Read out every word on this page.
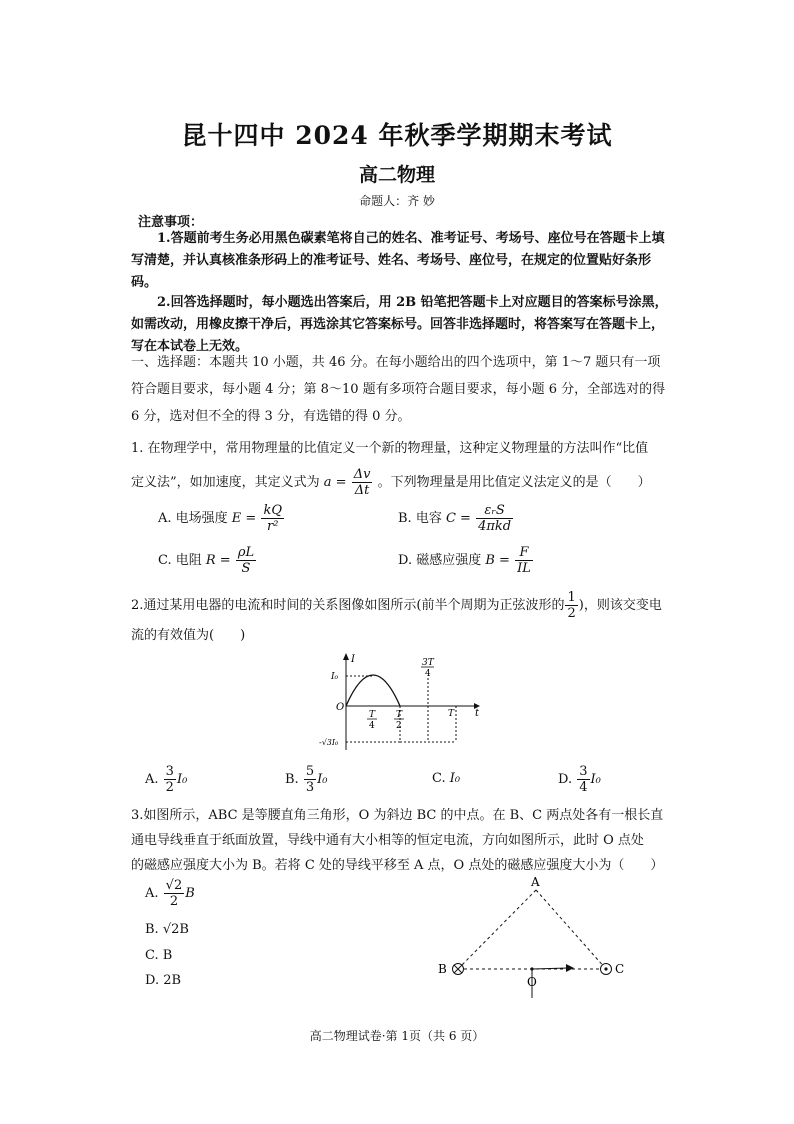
昆十四中 2024 年秋季学期期末考试
高二物理
命题人：齐 妙
注意事项：
1.答题前考生务必用黑色碳素笔将自己的姓名、准考证号、考场号、座位号在答题卡上填写清楚，并认真核准条形码上的准考证号、姓名、考场号、座位号，在规定的位置贴好条形码。
2.回答选择题时，每小题选出答案后，用 2B 铅笔把答题卡上对应题目的答案标号涂黑，如需改动，用橡皮擦干净后，再选涂其它答案标号。回答非选择题时，将答案写在答题卡上，写在本试卷上无效。
一、选择题：本题共 10 小题，共 46 分。在每小题给出的四个选项中，第 1～7 题只有一项符合题目要求，每小题 4 分；第 8～10 题有多项符合题目要求，每小题 6 分，全部选对的得 6 分，选对但不全的得 3 分，有选错的得 0 分。
1. 在物理学中，常用物理量的比值定义一个新的物理量，这种定义物理量的方法叫作“比值
定义法”，如加速度，其定义式为 $a = \frac{\Delta v}{\Delta t}$ 。下列物理量是用比值定义法定义的是（　　）
A. 电场强度 $E = \frac{kQ}{\text{r²}}$	B. 电容 $C = \frac{\text{εᵣS}}{\text{4πkd}}$
C. 电阻 $R = \frac{\rho L}{S}$	D. 磁感应强度 $B = \frac{F}{IL}$
2.通过某用电器的电流和时间的关系图像如图所示(前半个周期为正弦波形的 $\frac{1}{2}$ )，则该交变电
流的有效值为(　　)
I
t
O
I₀
-√3I₀
T
4
T
2
3T
4
T
A. $\frac{3}{2} I_0$	B. $\frac{5}{3} I_0$	C. I₀	D. $\frac{3}{4} I_0$
3.如图所示，ABC 是等腰直角三角形，O 为斜边 BC 的中点。在 B、C 两点处各有一根长直
通电导线垂直于纸面放置，导线中通有大小相等的恒定电流，方向如图所示，此时 O 点处
的磁感应强度大小为 B。若将 C 处的导线平移至 A 点，O 点处的磁感应强度大小为（　　）
A. $\frac{√2}{2}$ B
B. √2B
C. B
D. 2B
A
B	C
O
高二物理试卷·第 1页（共 6 页）
